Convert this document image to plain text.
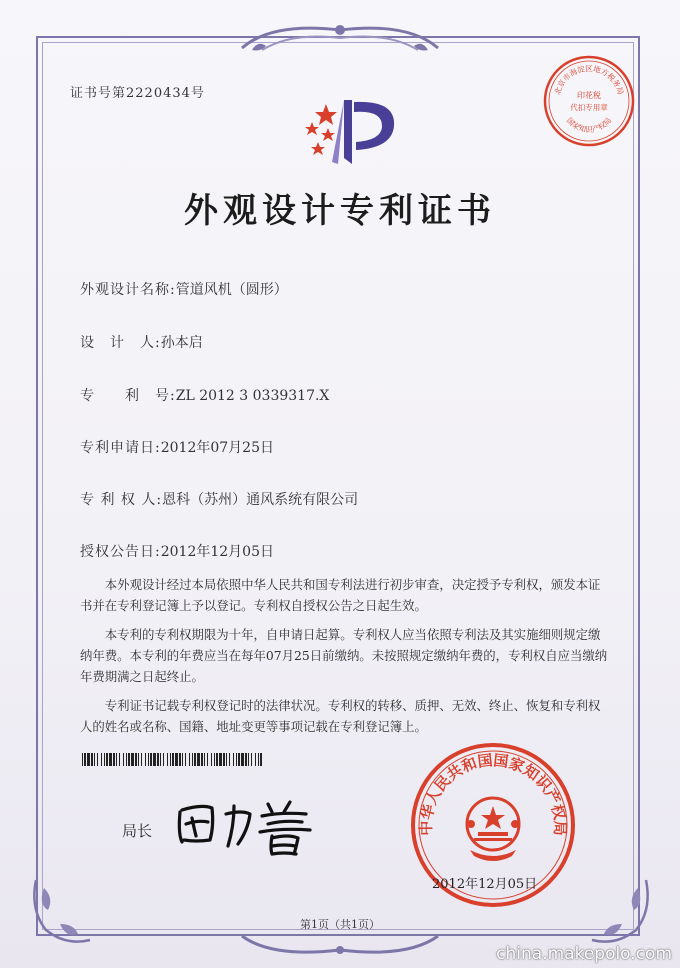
证书号第2220434号
外观设计专利证书
北京市海淀区地方税务局
印花税
代扣专用章
国家知识产权局
外观设计名称:管道风机（圆形）
设　计　人:孙本启
专　　利　号:ZL 2012 3 0339317.X
专利申请日:2012年07月25日
专 利 权 人:恩科（苏州）通风系统有限公司
授权公告日:2012年12月05日

本外观设计经过本局依照中华人民共和国专利法进行初步审查，决定授予专利权，颁发本证书并在专利登记簿上予以登记。专利权自授权公告之日起生效。

本专利的专利权期限为十年，自申请日起算。专利权人应当依照专利法及其实施细则规定缴纳年费。本专利的年费应当在每年07月25日前缴纳。未按照规定缴纳年费的，专利权自应当缴纳年费期满之日起终止。

专利证书记载专利权登记时的法律状况。专利权的转移、质押、无效、终止、恢复和专利权人的姓名或名称、国籍、地址变更等事项记载在专利登记簿上。

局长	中华人民共和国国家知识产权局
2012年12月05日
第1页（共1页）
china.makepolo.com
